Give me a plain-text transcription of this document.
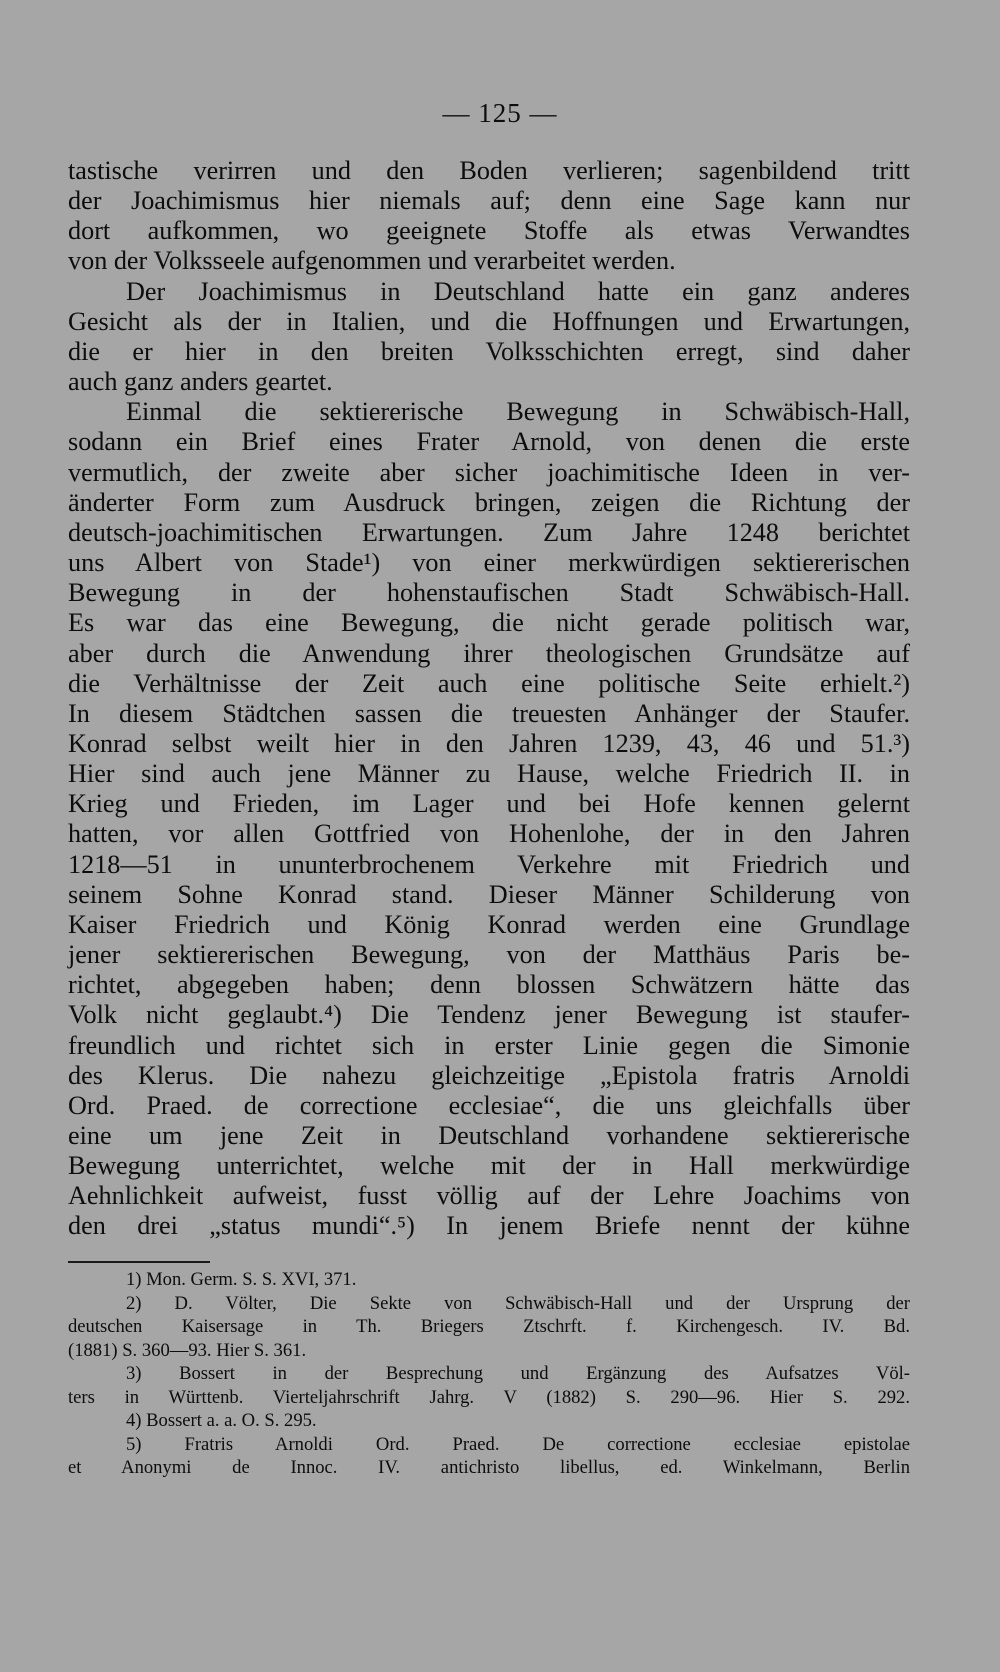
— 125 —
tastische verirren und den Boden verlieren; sagenbildend tritt
der Joachimismus hier niemals auf; denn eine Sage kann nur
dort aufkommen, wo geeignete Stoffe als etwas Verwandtes
von der Volksseele aufgenommen und verarbeitet werden.
Der Joachimismus in Deutschland hatte ein ganz anderes
Gesicht als der in Italien, und die Hoffnungen und Erwartungen,
die er hier in den breiten Volksschichten erregt, sind daher
auch ganz anders geartet.
Einmal die sektiererische Bewegung in Schwäbisch-Hall,
sodann ein Brief eines Frater Arnold, von denen die erste
vermutlich, der zweite aber sicher joachimitische Ideen in ver-
änderter Form zum Ausdruck bringen, zeigen die Richtung der
deutsch-joachimitischen Erwartungen. Zum Jahre 1248 berichtet
uns Albert von Stade¹) von einer merkwürdigen sektiererischen
Bewegung in der hohenstaufischen Stadt Schwäbisch-Hall.
Es war das eine Bewegung, die nicht gerade politisch war,
aber durch die Anwendung ihrer theologischen Grundsätze auf
die Verhältnisse der Zeit auch eine politische Seite erhielt.²)
In diesem Städtchen sassen die treuesten Anhänger der Staufer.
Konrad selbst weilt hier in den Jahren 1239, 43, 46 und 51.³)
Hier sind auch jene Männer zu Hause, welche Friedrich II. in
Krieg und Frieden, im Lager und bei Hofe kennen gelernt
hatten, vor allen Gottfried von Hohenlohe, der in den Jahren
1218—51 in ununterbrochenem Verkehre mit Friedrich und
seinem Sohne Konrad stand. Dieser Männer Schilderung von
Kaiser Friedrich und König Konrad werden eine Grundlage
jener sektiererischen Bewegung, von der Matthäus Paris be-
richtet, abgegeben haben; denn blossen Schwätzern hätte das
Volk nicht geglaubt.⁴) Die Tendenz jener Bewegung ist staufer-
freundlich und richtet sich in erster Linie gegen die Simonie
des Klerus. Die nahezu gleichzeitige „Epistola fratris Arnoldi
Ord. Praed. de correctione ecclesiae“, die uns gleichfalls über
eine um jene Zeit in Deutschland vorhandene sektiererische
Bewegung unterrichtet, welche mit der in Hall merkwürdige
Aehnlichkeit aufweist, fusst völlig auf der Lehre Joachims von
den drei „status mundi“.⁵) In jenem Briefe nennt der kühne
1) Mon. Germ. S. S. XVI, 371.
2) D. Völter, Die Sekte von Schwäbisch-Hall und der Ursprung der
deutschen Kaisersage in Th. Briegers Ztschrft. f. Kirchengesch. IV. Bd.
(1881) S. 360—93. Hier S. 361.
3) Bossert in der Besprechung und Ergänzung des Aufsatzes Völ-
ters in Württenb. Vierteljahrschrift Jahrg. V (1882) S. 290—96. Hier S. 292.
4) Bossert a. a. O. S. 295.
5) Fratris Arnoldi Ord. Praed. De correctione ecclesiae epistolae
et Anonymi de Innoc. IV. antichristo libellus, ed. Winkelmann, Berlin
